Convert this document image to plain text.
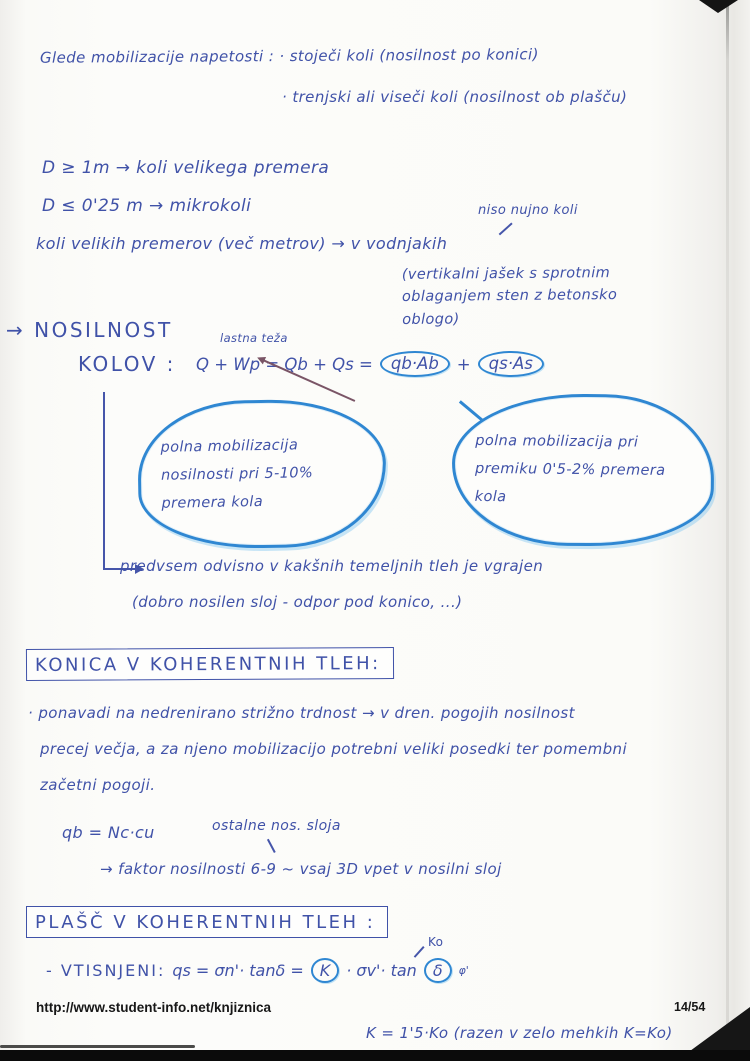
Glede mobilizacije napetosti : · stoječi koli (nosilnost po konici)
· trenjski ali viseči koli (nosilnost ob plašču)
D ≥ 1m → koli velikega premera
D ≤ 0'25 m → mikrokoli	niso nujno koli
koli velikih premerov (več metrov) → v vodnjakih
(vertikalni jašek s sprotnim
oblaganjem sten z betonsko
oblogo)
→ NOSILNOST
KOLOV :
lastna teža
Q + Wp = Qb + Qs =	qb·Ab	+	qs·As
polna mobilizacija
nosilnosti pri 5-10%
premera kola
polna mobilizacija pri
premiku 0'5-2% premera
kola
predvsem odvisno v kakšnih temeljnih tleh je vgrajen
(dobro nosilen sloj - odpor pod konico, ...)
KONICA V KOHERENTNIH TLEH:
· ponavadi na nedrenirano strižno trdnost → v dren. pogojih nosilnost
precej večja, a za njeno mobilizacijo potrebni veliki posedki ter pomembni
začetni pogoji.
qb = Nc·cu	ostalne nos. sloja
→ faktor nosilnosti 6-9 ~ vsaj 3D vpet v nosilni sloj
PLAŠČ V KOHERENTNIH TLEH :
- VTISNJENI: qs = σn'· tanδ =	K	· σv'· tan	δ	φ'
Ko
K = 1'5·Ko (razen v zelo mehkih K=Ko)
http://www.student-info.net/knjiznica	14/54
